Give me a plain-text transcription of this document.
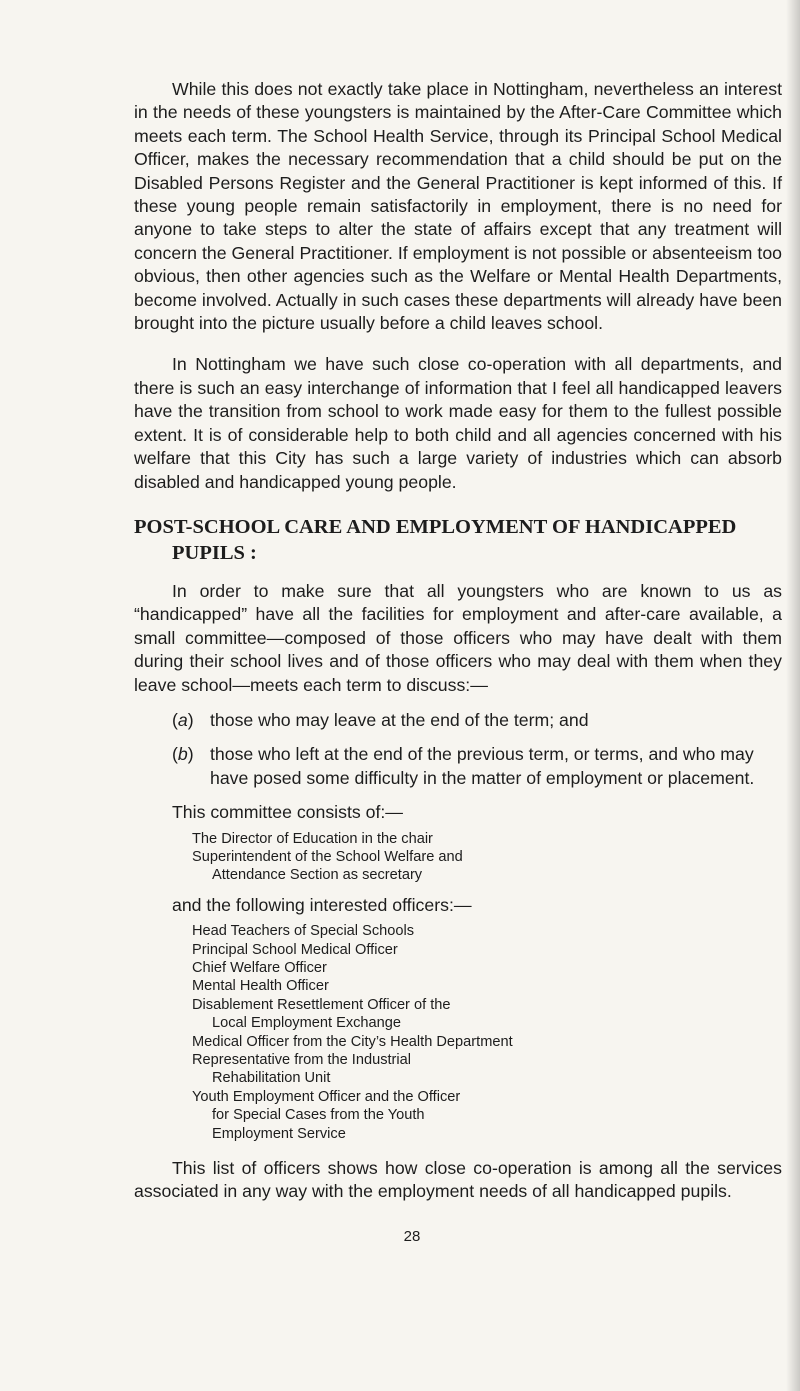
While this does not exactly take place in Nottingham, nevertheless an interest in the needs of these youngsters is maintained by the After-Care Committee which meets each term. The School Health Service, through its Principal School Medical Officer, makes the necessary recommendation that a child should be put on the Disabled Persons Register and the General Practitioner is kept informed of this. If these young people remain satisfactorily in employment, there is no need for anyone to take steps to alter the state of affairs except that any treatment will concern the General Practitioner. If employment is not possible or absenteeism too obvious, then other agencies such as the Welfare or Mental Health Departments, become involved. Actually in such cases these departments will already have been brought into the picture usually before a child leaves school.

In Nottingham we have such close co-operation with all departments, and there is such an easy interchange of information that I feel all handicapped leavers have the transition from school to work made easy for them to the fullest possible extent. It is of considerable help to both child and all agencies concerned with his welfare that this City has such a large variety of industries which can absorb disabled and handicapped young people.

POST-SCHOOL CARE AND EMPLOYMENT OF HANDICAPPED
PUPILS :

In order to make sure that all youngsters who are known to us as “handicapped” have all the facilities for employment and after-care available, a small committee—composed of those officers who may have dealt with them during their school lives and of those officers who may deal with them when they leave school—meets each term to discuss:—

(a) those who may leave at the end of the term; and
(b) those who left at the end of the previous term, or terms, and who may have posed some difficulty in the matter of employment or placement.

This committee consists of:—

The Director of Education in the chair
Superintendent of the School Welfare and
Attendance Section as secretary

and the following interested officers:—

Head Teachers of Special Schools
Principal School Medical Officer
Chief Welfare Officer
Mental Health Officer
Disablement Resettlement Officer of the
Local Employment Exchange
Medical Officer from the City’s Health Department
Representative from the Industrial
Rehabilitation Unit
Youth Employment Officer and the Officer
for Special Cases from the Youth
Employment Service

This list of officers shows how close co-operation is among all the services associated in any way with the employment needs of all handicapped pupils.

28
